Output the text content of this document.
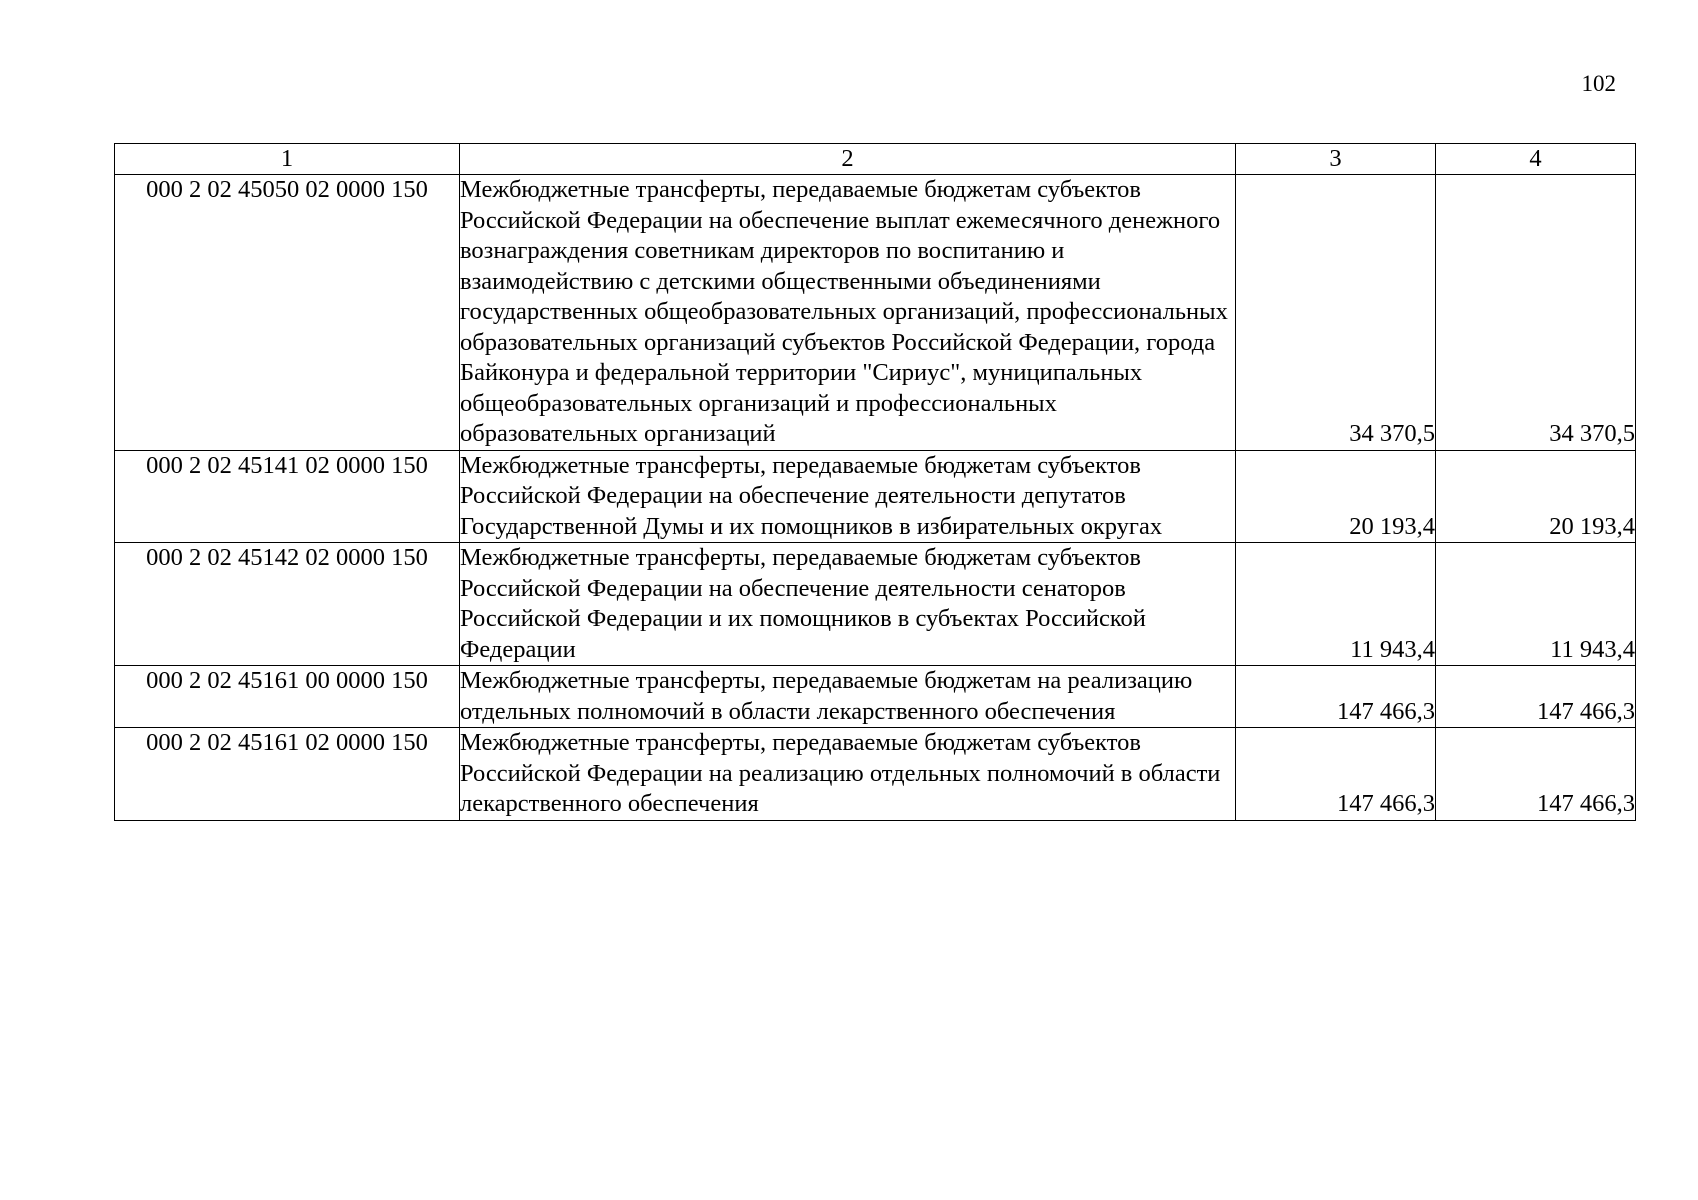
102
1	2	3	4
000 2 02 45050 02 0000 150	Межбюджетные трансферты, передаваемые бюджетам субъектов Российской Федерации на обеспечение выплат ежемесячного денежного вознаграждения советникам директоров по воспитанию и взаимодействию с детскими общественными объединениями государственных общеобразовательных организаций, профессиональных образовательных организаций субъектов Российской Федерации, города Байконура и федеральной территории "Сириус", муниципальных общеобразовательных организаций и профессиональных образовательных организаций	34 370,5	34 370,5
000 2 02 45141 02 0000 150	Межбюджетные трансферты, передаваемые бюджетам субъектов Российской Федерации на обеспечение деятельности депутатов Государственной Думы и их помощников в избирательных округах	20 193,4	20 193,4
000 2 02 45142 02 0000 150	Межбюджетные трансферты, передаваемые бюджетам субъектов Российской Федерации на обеспечение деятельности сенаторов Российской Федерации и их помощников в субъектах Российской Федерации	11 943,4	11 943,4
000 2 02 45161 00 0000 150	Межбюджетные трансферты, передаваемые бюджетам на реализацию отдельных полномочий в области лекарственного обеспечения	147 466,3	147 466,3
000 2 02 45161 02 0000 150	Межбюджетные трансферты, передаваемые бюджетам субъектов Российской Федерации на реализацию отдельных полномочий в области лекарственного обеспечения	147 466,3	147 466,3
